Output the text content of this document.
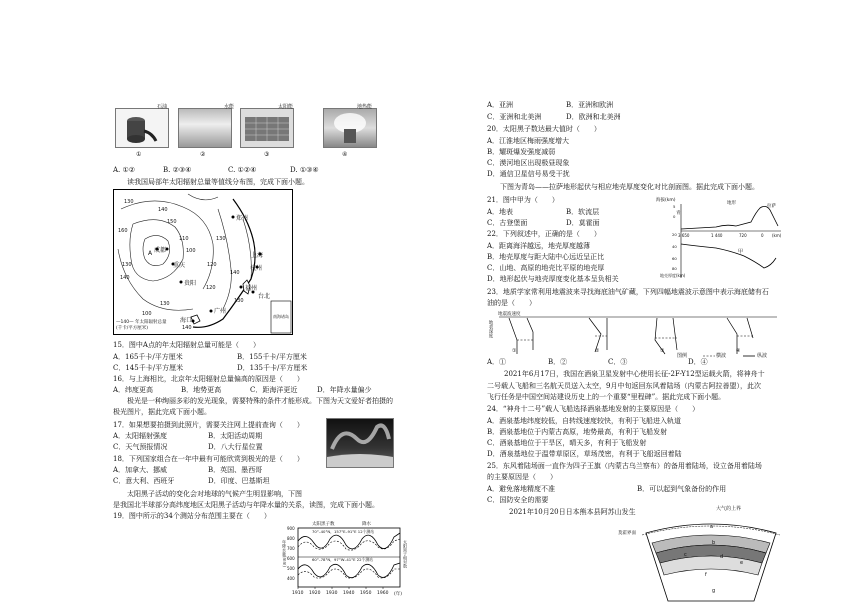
石油	水能	太阳能	地热能
①	②	③	④
A. ①②	B. ②③④	C. ①②④	D. ①③④
读我国局部年太阳辐射总量等值线分布图，完成下面小题。
郑州
上海
杭州
成都
重庆
贵阳
福州
台北
广州
海口
A
130
140
150
160
110
100
130
140
120
130
120
140
100
130
130
140
—140— 年太阳辐射总量
(千卡/平方厘米)
南海诸岛
15．图中A点的年太阳辐射总量可能是（　　）
A．165千卡/平方厘米	B．155千卡/平方厘米
C．145千卡/平方厘米	D．135千卡/平方厘米
16．与上海相比，北京年太阳辐射总量偏高的原因是（　　）
A．纬度更高	B．地势更高	C．距海洋更近	D．年降水量偏少
极光是一种绚丽多彩的发光现象，需要特殊的条件才能形成。下图为天文爱好者拍摄的
极光图片，据此完成下面小题。
17．如果想要拍摄到此照片，需要关注网上提前查询（　　）
A．太阳辐射强度	B．太阳活动周期
C．天气预报情况	D．八大行星位置
18．下列国家组合在一年中最有可能欣赏到极光的是（　　）
A．加拿大、挪威	B．英国、墨西哥
C．意大利、西班牙	D．印度、巴基斯坦
太阳黑子活动的变化会对地球的气候产生明显影响，下图
是我国北半球部分高纬度地区太阳黑子活动与年降水量的关系，读图，完成下面小题。
19．图中所示的34个测站分布范围主要在（　　）
太阳黑子数	降水
70°–40°N，157°E–91°E 12个测站
60°–78°N，97°W–41°E 22个测站
年降水量(mm)	太阳黑子相对数
900
800
700
600
500
400
1910 1920 1930 1940 1950 1960 (年)
A．亚洲	B．亚洲和欧洲
C．亚洲和北美洲	D．欧洲和北美洲
20．太阳黑子数达最大值时（　　）
A．江淮地区梅雨强度增大
B．耀斑爆发强度减弱
C．漠河地区出现极昼现象
D．通信卫星信号易受干扰
下图为青岛——拉萨地形起伏与相应地壳厚度变化对比剖面图。据此完成下面小题。
21．图中甲为（　　）
A．地表	B．软流层
C．古登堡面	D．莫霍面
22．下列叙述中，正确的是（　　）
A．距离海洋越远，地壳厚度越薄
B．地壳厚度与距大陆中心远近呈正比
C．山地、高原的地壳比平原的地壳厚
D．地形起伏与地壳厚度变化基本呈负相关
海拔(km)
地形
青
拉萨
3 650	1 440	720	0 (km)
甲
地壳厚度(km)
5
0
20
40
60
80
23．地质学家常利用地震波来寻找海底油气矿藏，下列四幅地震波示意图中表示海底储有石
油的是（　　）
地震波速度
地表深度
①	②	③	④
图例	横波	纵波
A．①	B．②	C．③	D．④
2021年6月17日，我国在酒泉卫星发射中心使用长征-2F-Y12型运载火箭，将神舟十
二号载人飞船和三名航天员送入太空，9月中旬返回东风着陆场（内蒙古阿拉善盟），此次
飞行任务是中国空间站建设历史上的一个重要“里程碑”。据此完成下面小题。
24．“神舟十二号”载人飞船选择酒泉基地发射的主要原因是（　　）
A．酒泉基地纬度较低，自转线速度较快，有利于飞船进入轨道
B．酒泉基地位于内蒙古高原，地势最高，有利于飞船发射
C．酒泉基地位于干旱区，晴天多，有利于飞船发射
D．酒泉基地位于温带草原区，草场茂密，有利于飞船返回着陆
25．东风着陆场面一直作为四子王旗（内蒙古乌兰察布）的备用着陆场，设立备用着陆场
的主要原因是（　　）
A．避免落地精度不准	B．可以起到气象备份的作用
C．国防安全的需要
2021年10月20日日本熊本县阿苏山发生	大气的上界
莫霍界面
a
b
c	d
e
f
g
